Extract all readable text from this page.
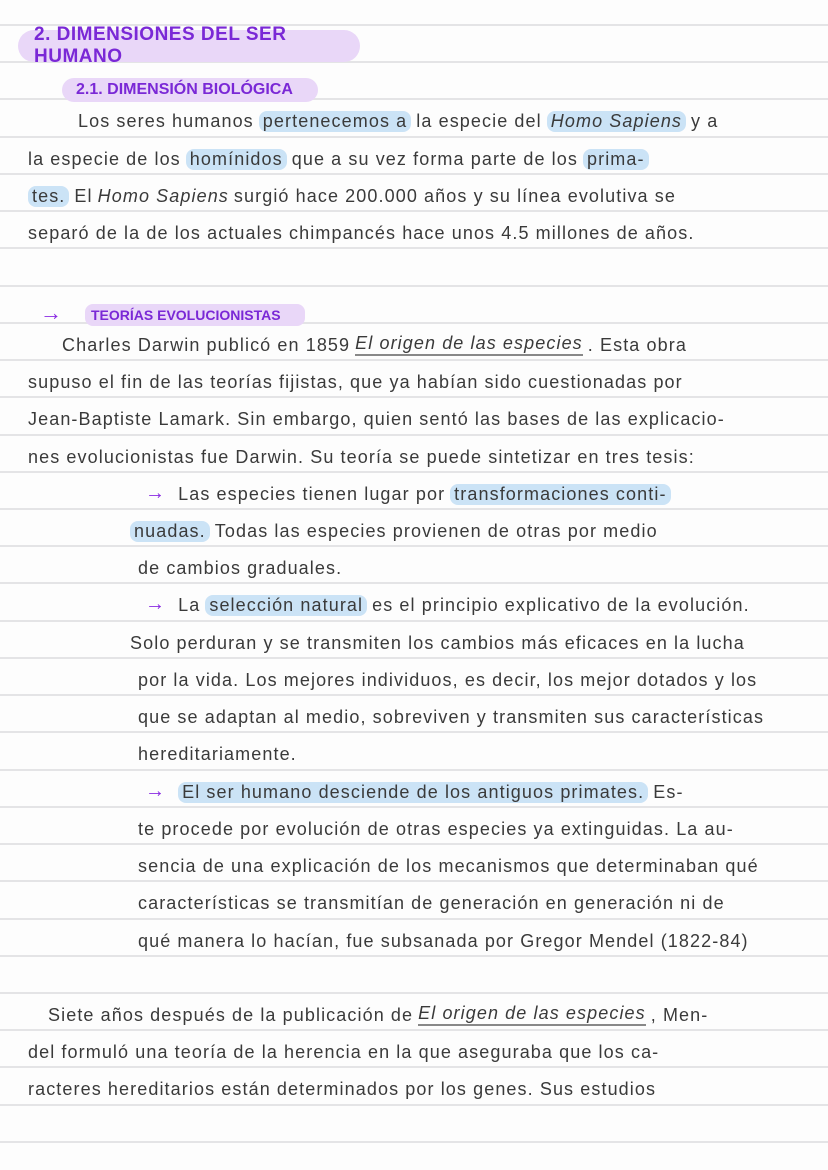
2. DIMENSIONES DEL SER HUMANO
2.1. DIMENSIÓN BIOLÓGICA
→ TEORÍAS EVOLUCIONISTAS
Los seres humanos pertenecemos a la especie del Homo Sapiens y a
la especie de los homínidos que a su vez forma parte de los prima-
tes. El Homo Sapiens surgió hace 200.000 años y su línea evolutiva se
separó de la de los actuales chimpancés hace unos 4.5 millones de años.
Charles Darwin publicó en 1859 El origen de las especies . Esta obra
supuso el fin de las teorías fijistas, que ya habían sido cuestionadas por
Jean-Baptiste Lamark. Sin embargo, quien sentó las bases de las explicacio-
nes evolucionistas fue Darwin. Su teoría se puede sintetizar en tres tesis:
→ Las especies tienen lugar por transformaciones conti-
nuadas. Todas las especies provienen de otras por medio
de cambios graduales.
→ La selección natural es el principio explicativo de la evolución.
Solo perduran y se transmiten los cambios más eficaces en la lucha
por la vida. Los mejores individuos, es decir, los mejor dotados y los
que se adaptan al medio, sobreviven y transmiten sus características
hereditariamente.
→ El ser humano desciende de los antiguos primates. Es-
te procede por evolución de otras especies ya extinguidas. La au-
sencia de una explicación de los mecanismos que determinaban qué
características se transmitían de generación en generación ni de
qué manera lo hacían, fue subsanada por Gregor Mendel (1822-84)
Siete años después de la publicación de El origen de las especies , Men-
del formuló una teoría de la herencia en la que aseguraba que los ca-
racteres hereditarios están determinados por los genes. Sus estudios
